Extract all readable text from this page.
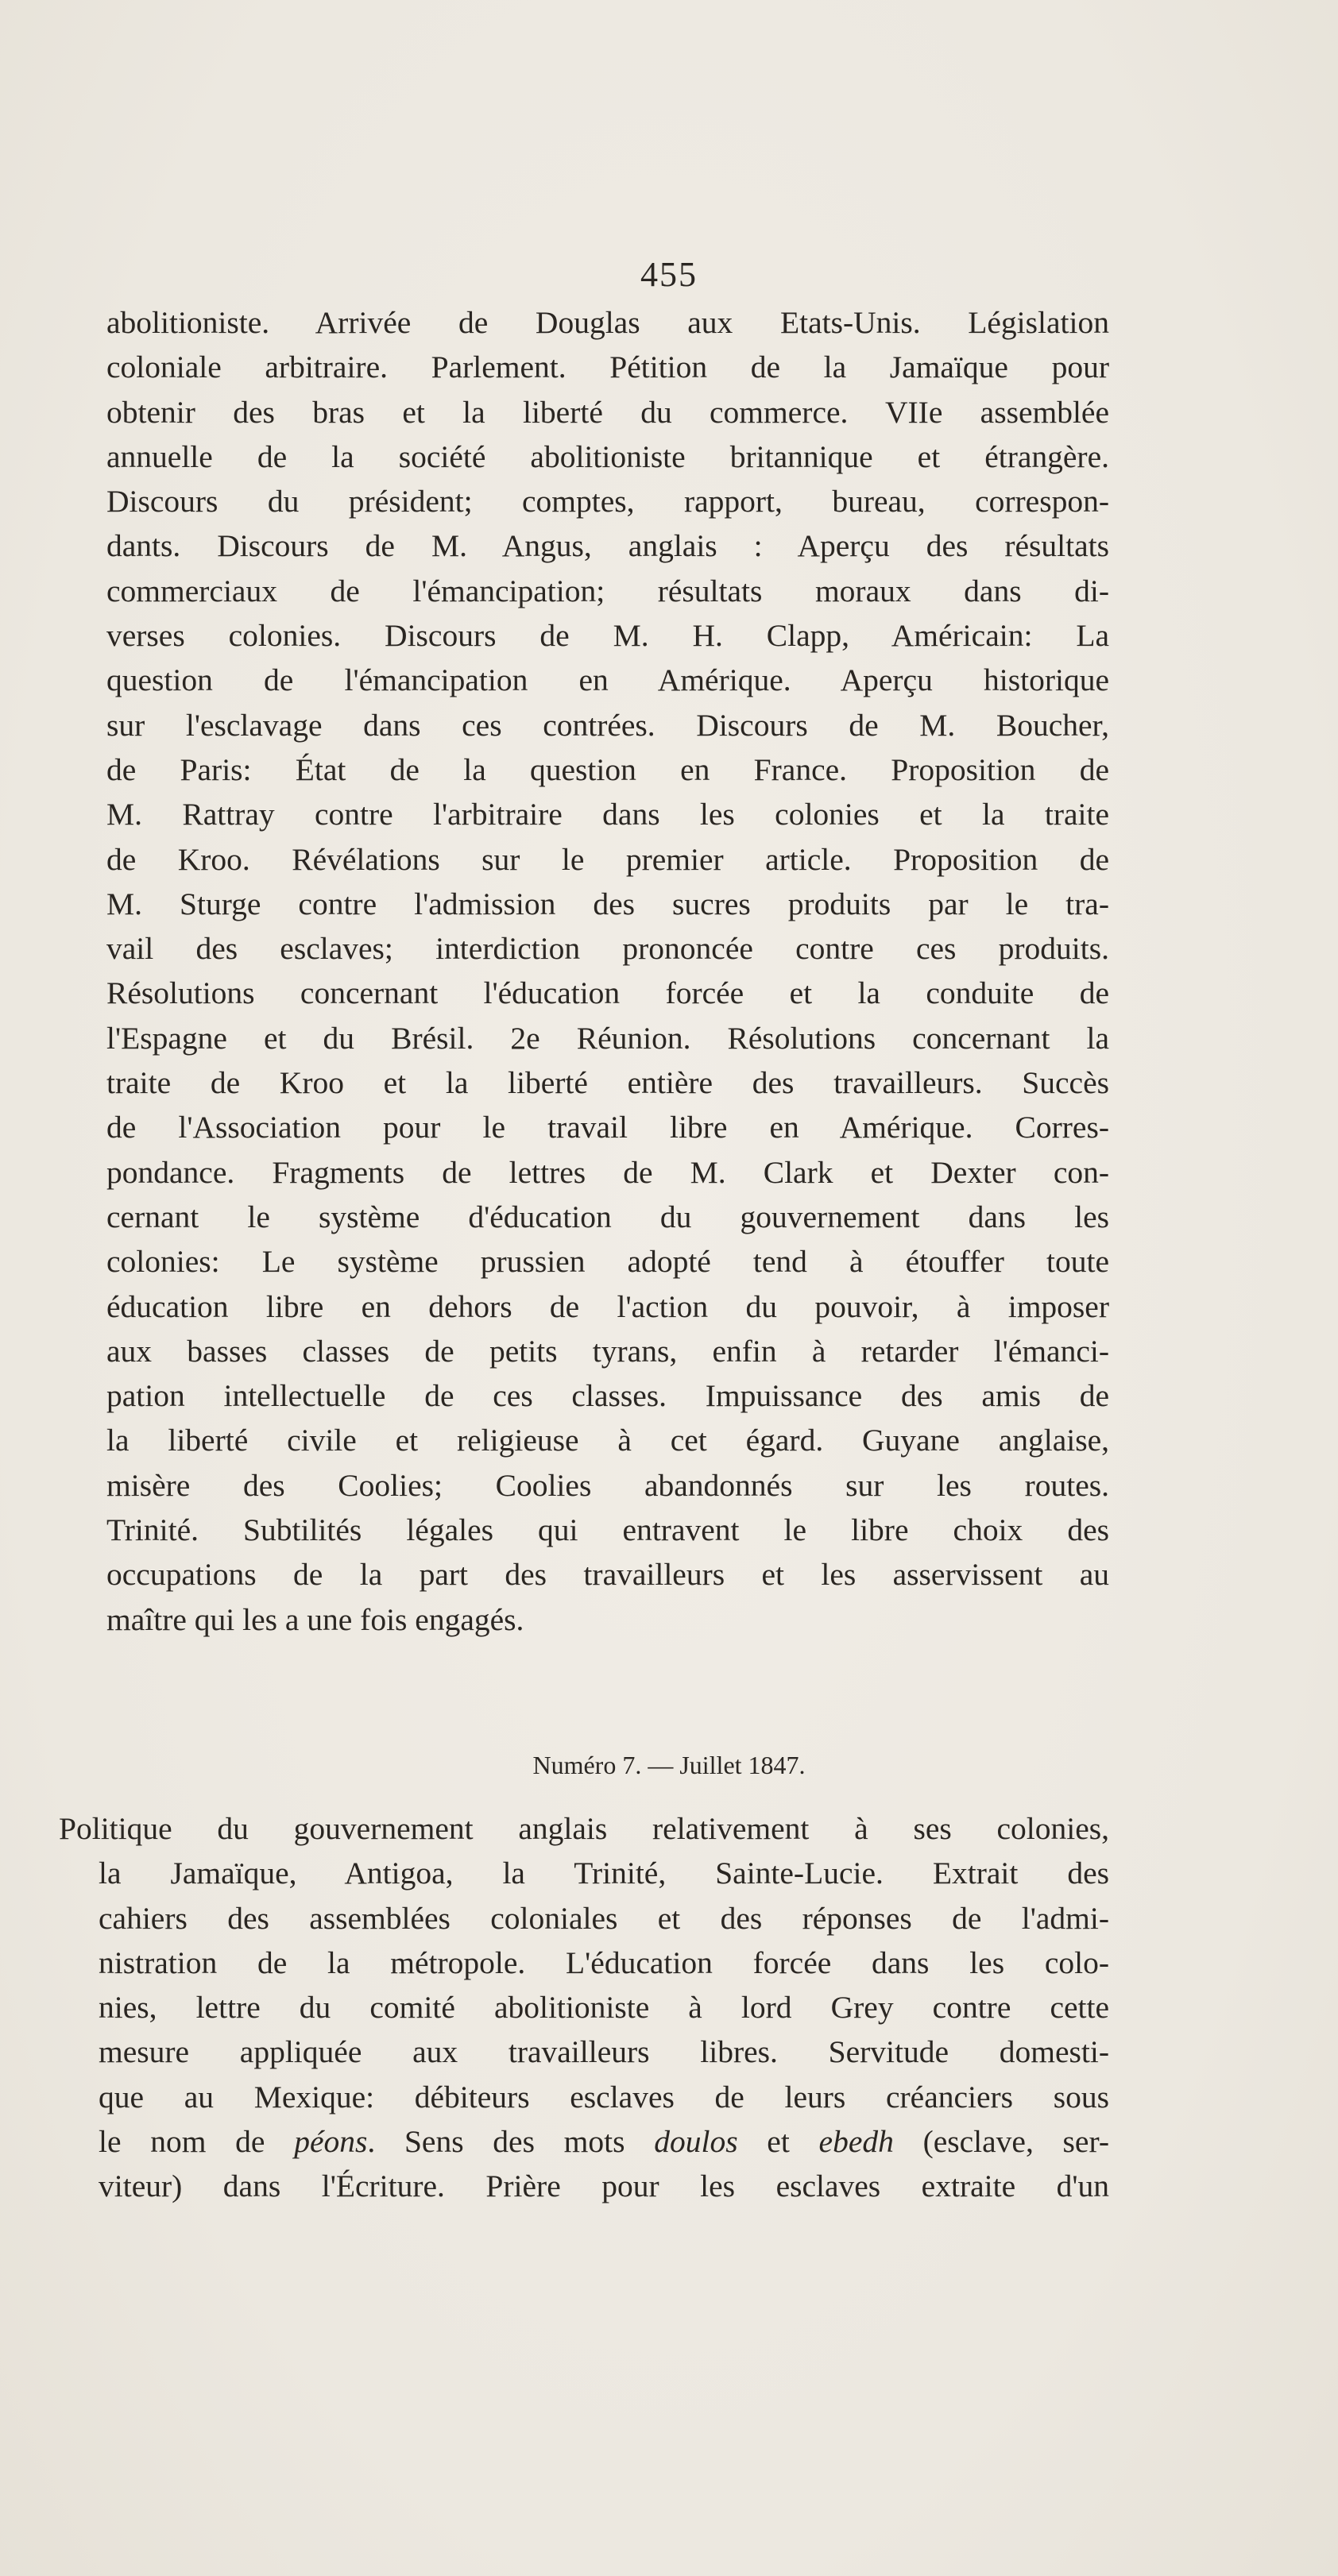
455
abolitioniste. Arrivée de Douglas aux Etats-Unis. Législation
coloniale arbitraire. Parlement. Pétition de la Jamaïque pour
obtenir des bras et la liberté du commerce. VIIe assemblée
annuelle de la société abolitioniste britannique et étrangère.
Discours du président; comptes, rapport, bureau, correspon-
dants. Discours de M. Angus, anglais : Aperçu des résultats
commerciaux de l'émancipation; résultats moraux dans di-
verses colonies. Discours de M. H. Clapp, Américain: La
question de l'émancipation en Amérique. Aperçu historique
sur l'esclavage dans ces contrées. Discours de M. Boucher,
de Paris: État de la question en France. Proposition de
M. Rattray contre l'arbitraire dans les colonies et la traite
de Kroo. Révélations sur le premier article. Proposition de
M. Sturge contre l'admission des sucres produits par le tra-
vail des esclaves; interdiction prononcée contre ces produits.
Résolutions concernant l'éducation forcée et la conduite de
l'Espagne et du Brésil. 2e Réunion. Résolutions concernant la
traite de Kroo et la liberté entière des travailleurs. Succès
de l'Association pour le travail libre en Amérique. Corres-
pondance. Fragments de lettres de M. Clark et Dexter con-
cernant le système d'éducation du gouvernement dans les
colonies: Le système prussien adopté tend à étouffer toute
éducation libre en dehors de l'action du pouvoir, à imposer
aux basses classes de petits tyrans, enfin à retarder l'émanci-
pation intellectuelle de ces classes. Impuissance des amis de
la liberté civile et religieuse à cet égard. Guyane anglaise,
misère des Coolies; Coolies abandonnés sur les routes.
Trinité. Subtilités légales qui entravent le libre choix des
occupations de la part des travailleurs et les asservissent au
maître qui les a une fois engagés.
Numéro 7. — Juillet 1847.
Politique du gouvernement anglais relativement à ses colonies,
la Jamaïque, Antigoa, la Trinité, Sainte-Lucie. Extrait des
cahiers des assemblées coloniales et des réponses de l'admi-
nistration de la métropole. L'éducation forcée dans les colo-
nies, lettre du comité abolitioniste à lord Grey contre cette
mesure appliquée aux travailleurs libres. Servitude domesti-
que au Mexique: débiteurs esclaves de leurs créanciers sous
le nom de péons. Sens des mots doulos et ebedh (esclave, ser-
viteur) dans l'Écriture. Prière pour les esclaves extraite d'un
